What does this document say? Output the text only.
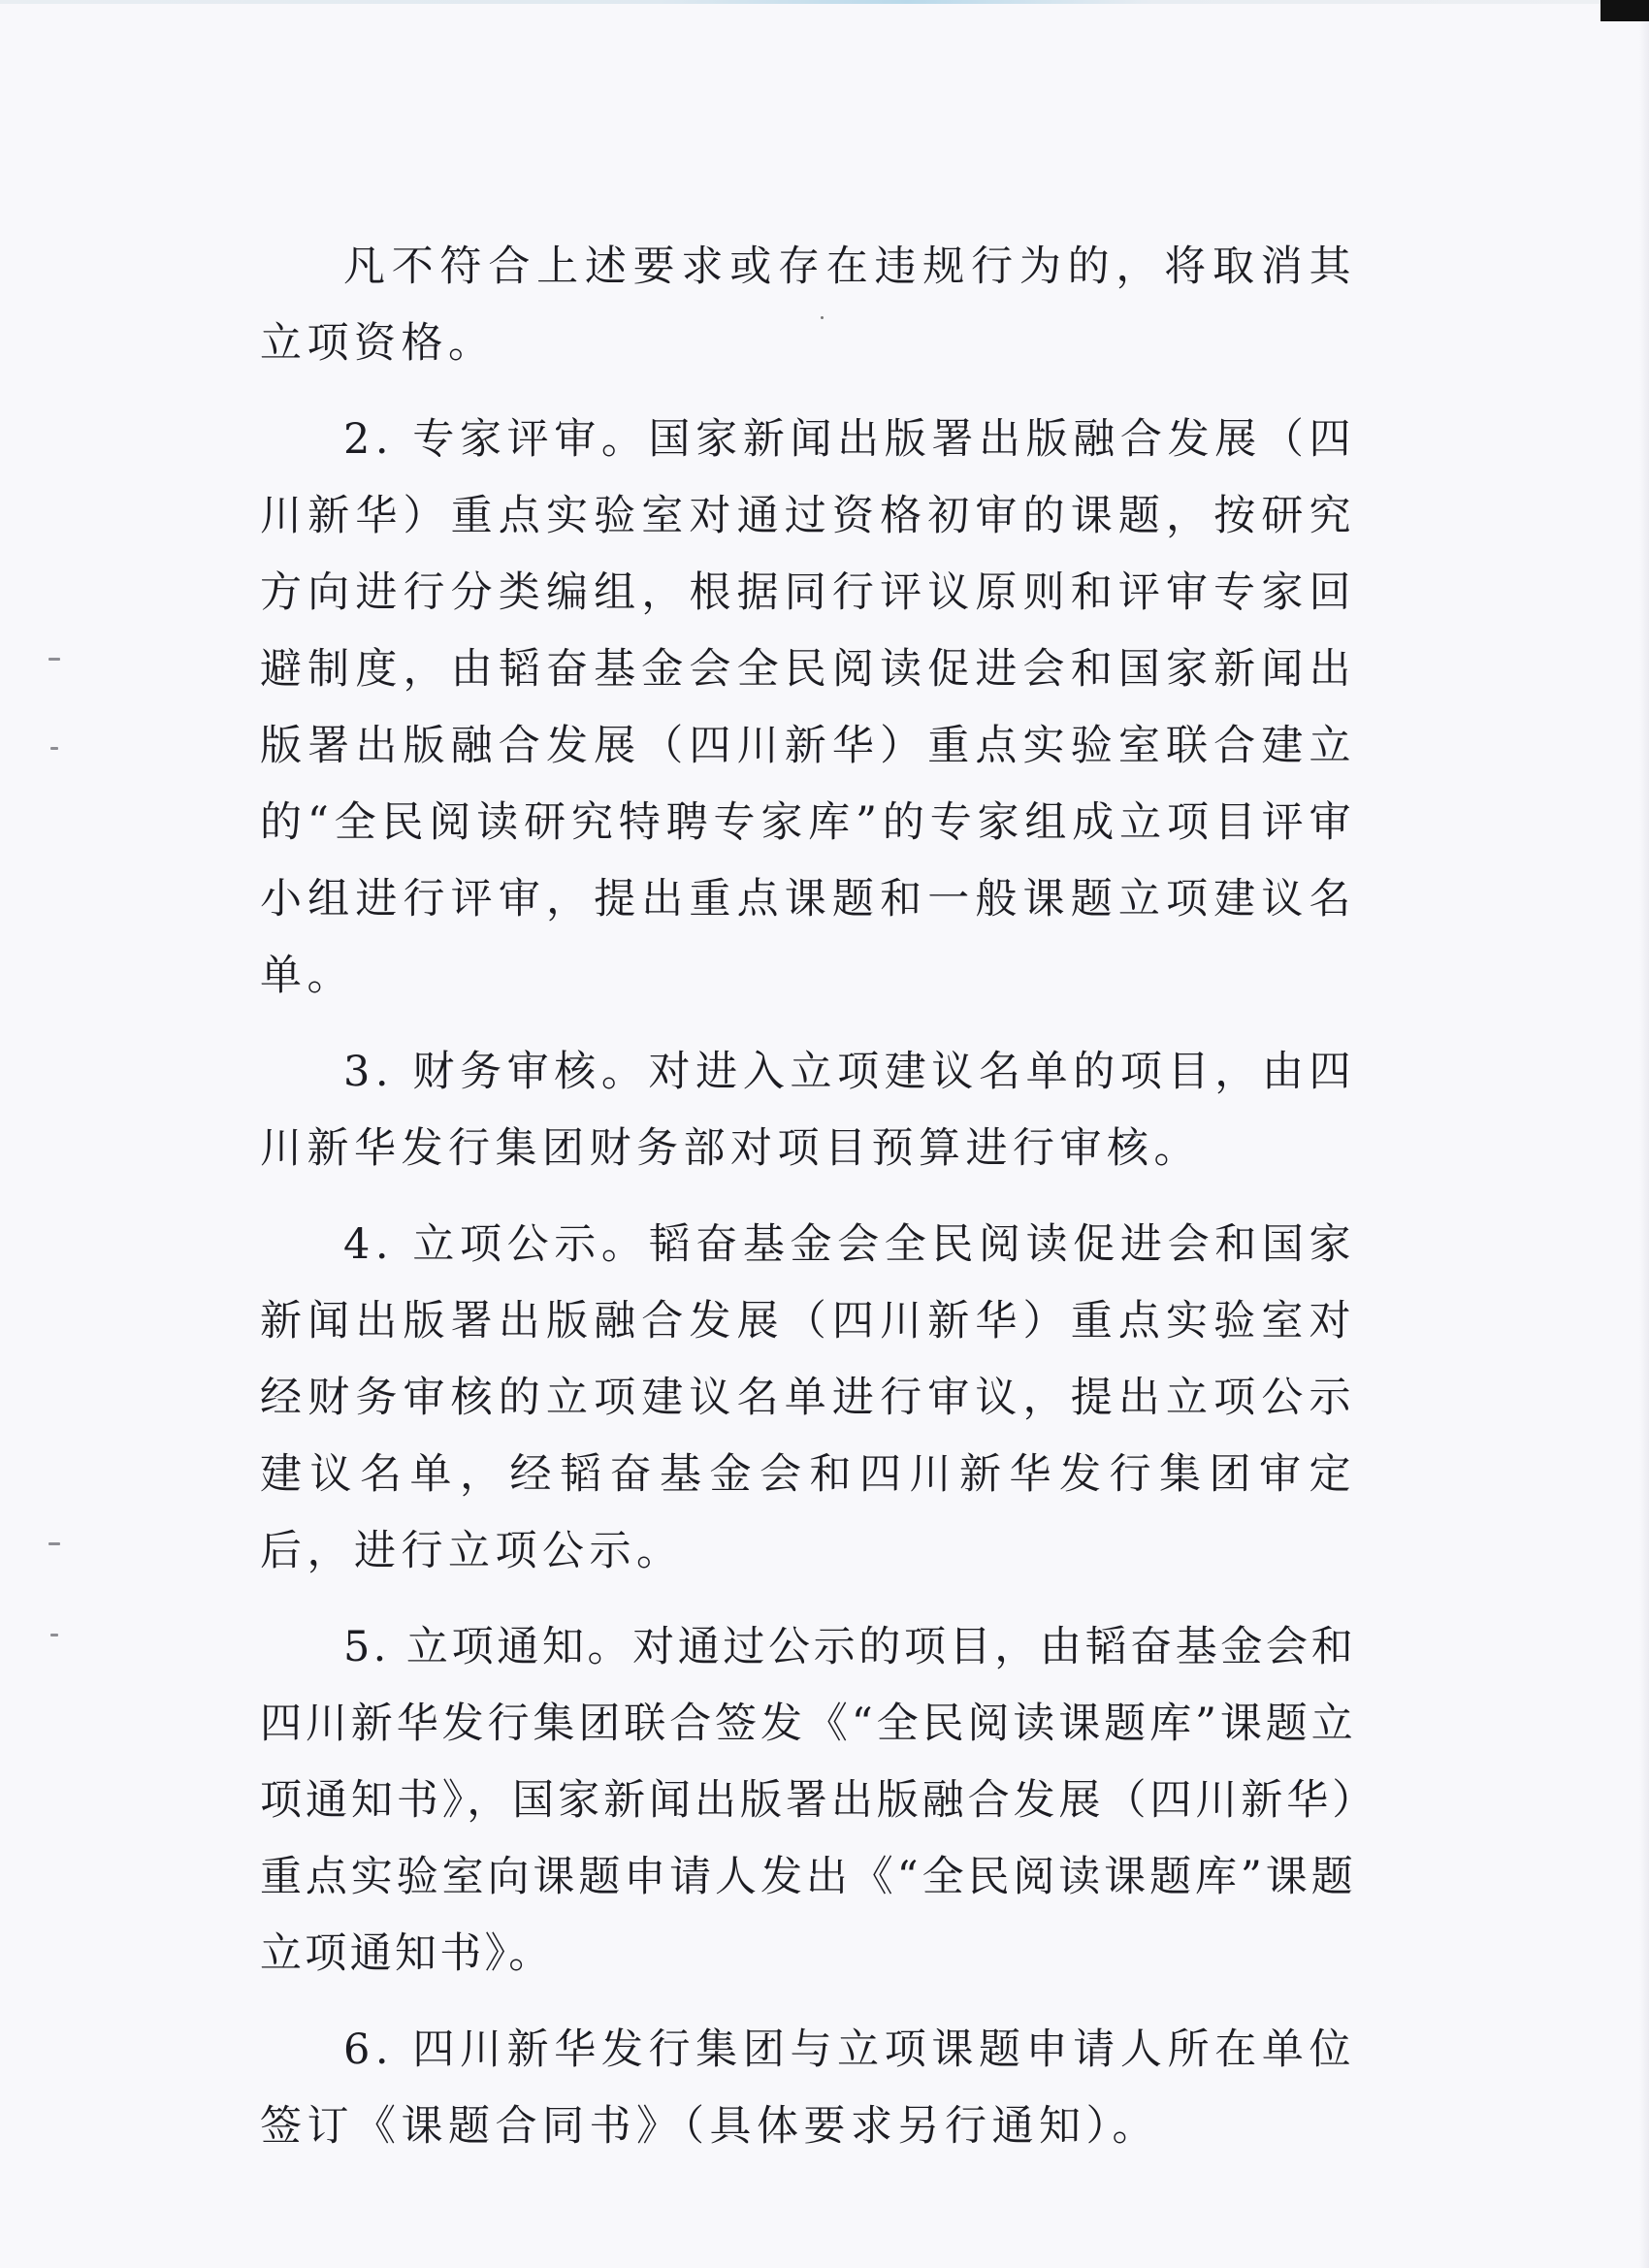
凡不符合上述要求或存在违规行为的，将取消其立项资格。

2. 专家评审。国家新闻出版署出版融合发展（四川新华）重点实验室对通过资格初审的课题，按研究方向进行分类编组，根据同行评议原则和评审专家回避制度，由韬奋基金会全民阅读促进会和国家新闻出版署出版融合发展（四川新华）重点实验室联合建立的“全民阅读研究特聘专家库”的专家组成立项目评审小组进行评审，提出重点课题和一般课题立项建议名单。

3. 财务审核。对进入立项建议名单的项目，由四川新华发行集团财务部对项目预算进行审核。

4. 立项公示。韬奋基金会全民阅读促进会和国家新闻出版署出版融合发展（四川新华）重点实验室对经财务审核的立项建议名单进行审议，提出立项公示建议名单，经韬奋基金会和四川新华发行集团审定后，进行立项公示。

5. 立项通知。对通过公示的项目，由韬奋基金会和四川新华发行集团联合签发《“全民阅读课题库”课题立项通知书》，国家新闻出版署出版融合发展（四川新华）重点实验室向课题申请人发出《“全民阅读课题库”课题立项通知书》。

6. 四川新华发行集团与立项课题申请人所在单位签订《课题合同书》（具体要求另行通知）。
